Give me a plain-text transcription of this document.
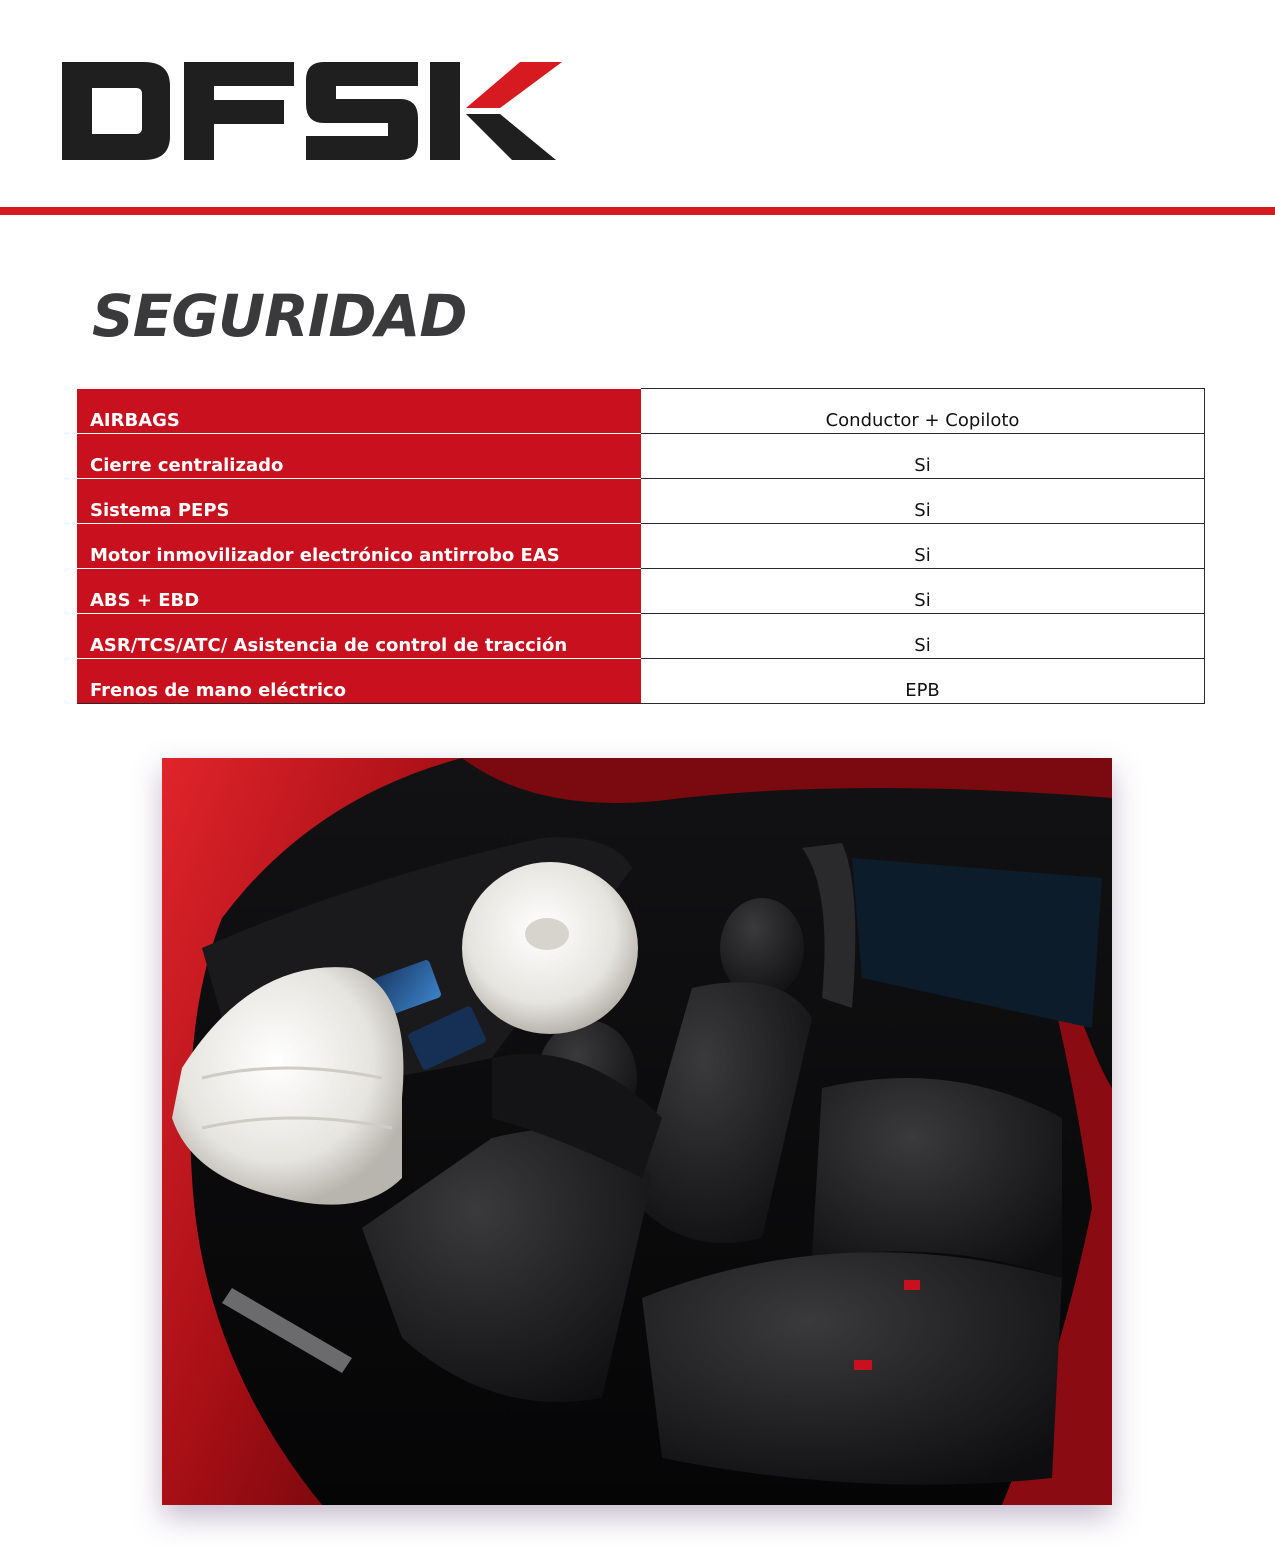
SEGURIDAD
AIRBAGS	Conductor + Copiloto
Cierre centralizado	Si
Sistema PEPS	Si
Motor inmovilizador electrónico antirrobo EAS	Si
ABS + EBD	Si
ASR/TCS/ATC/ Asistencia de control de tracción	Si
Frenos de mano eléctrico	EPB
